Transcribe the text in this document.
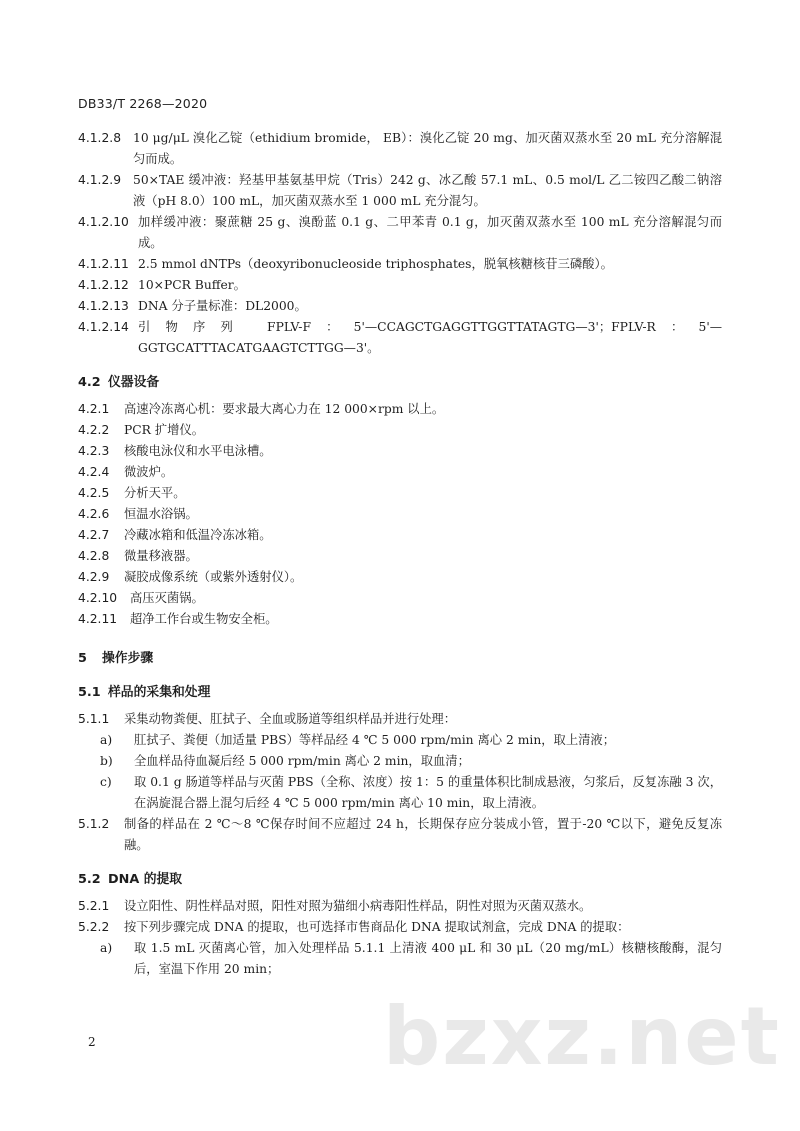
DB33/T 2268—2020
4.1.2.8 10 μg/μL 溴化乙锭（ethidium bromide， EB）：溴化乙锭 20 mg、加灭菌双蒸水至 20 mL 充分溶解混匀而成。
4.1.2.9 50×TAE 缓冲液：羟基甲基氨基甲烷（Tris）242 g、冰乙酸 57.1 mL、0.5 mol/L 乙二铵四乙酸二钠溶液（pH 8.0）100 mL，加灭菌双蒸水至 1 000 mL 充分混匀。
4.1.2.10 加样缓冲液：聚蔗糖 25 g、溴酚蓝 0.1 g、二甲苯青 0.1 g，加灭菌双蒸水至 100 mL 充分溶解混匀而成。
4.1.2.11 2.5 mmol dNTPs（deoxyribonucleoside triphosphates，脱氧核糖核苷三磷酸）。
4.1.2.12 10×PCR Buffer。
4.1.2.13 DNA 分子量标准：DL2000。
4.1.2.14 引物序列 FPLV-F：5'—CCAGCTGAGGTTGGTTATAGTG—3'；FPLV-R：5'—GGTGCATTTACATGAAGTCTTGG—3'。
4.2 仪器设备
4.2.1	高速冷冻离心机：要求最大离心力在 12 000×rpm 以上。
4.2.2	PCR 扩增仪。
4.2.3	核酸电泳仪和水平电泳槽。
4.2.4	微波炉。
4.2.5	分析天平。
4.2.6	恒温水浴锅。
4.2.7	冷藏冰箱和低温冷冻冰箱。
4.2.8	微量移液器。
4.2.9	凝胶成像系统（或紫外透射仪）。
4.2.10	高压灭菌锅。
4.2.11	超净工作台或生物安全柜。
5	操作步骤
5.1 样品的采集和处理
5.1.1	采集动物粪便、肛拭子、全血或肠道等组织样品并进行处理：
a)	肛拭子、粪便（加适量 PBS）等样品经 4 ℃ 5 000 rpm/min 离心 2 min，取上清液；
b)	全血样品待血凝后经 5 000 rpm/min 离心 2 min，取血清；
c)	取 0.1 g 肠道等样品与灭菌 PBS（全称、浓度）按 1：5 的重量体积比制成悬液，匀浆后，反复冻融 3 次，在涡旋混合器上混匀后经 4 ℃ 5 000 rpm/min 离心 10 min，取上清液。
5.1.2	制备的样品在 2 ℃～8 ℃保存时间不应超过 24 h，长期保存应分装成小管，置于-20 ℃以下，避免反复冻融。
5.2 DNA 的提取
5.2.1	设立阳性、阴性样品对照，阳性对照为猫细小病毒阳性样品，阴性对照为灭菌双蒸水。
5.2.2	按下列步骤完成 DNA 的提取，也可选择市售商品化 DNA 提取试剂盒，完成 DNA 的提取：
a)	取 1.5 mL 灭菌离心管，加入处理样品 5.1.1 上清液 400 μL 和 30 μL（20 mg/mL）核糖核酸酶，混匀后，室温下作用 20 min；
bzxz.net
2
